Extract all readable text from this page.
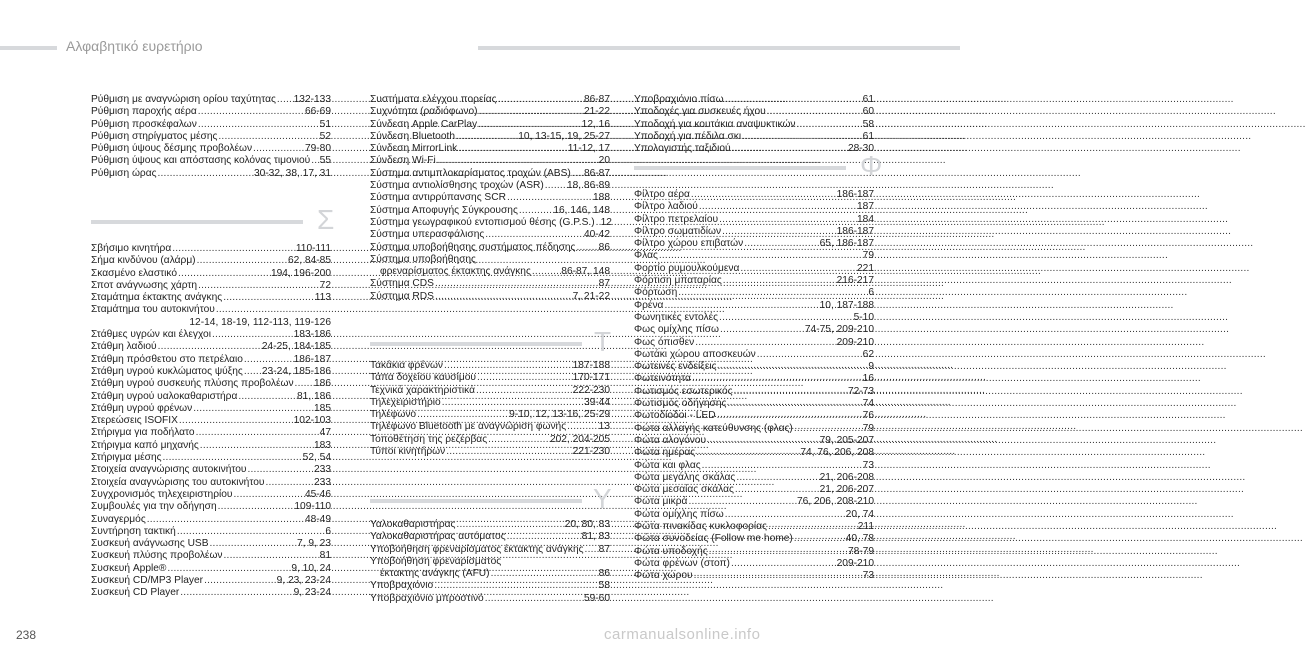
Αλφαβητικό ευρετήριο
Ρύθμιση με αναγνώριση ορίου ταχύτητας ..... 132-133
Ρύθμιση παροχής αέρα .....	66-69
Ρύθμιση προσκέφαλων .....	51
Ρύθμιση στηρίγματος μέσης .....	52
Ρύθμιση ύψους δέσμης προβολέων .....	79-80
Ρύθμιση ύψους και απόστασης κολόνας τιμονιού ..... 55
Ρύθμιση ώρας .....	30-32, 38, 17, 31
Σ
Σβήσιμο κινητήρα .....	110-111
Σήμα κινδύνου (αλάρμ) .....	62, 84-85
Σκασμένο ελαστικό .....	194, 196-200
Σποτ ανάγνωσης χάρτη .....	72
Σταμάτημα έκτακτης ανάγκης .....	113
Σταμάτημα του αυτοκινήτου
.....
12-14, 18-19, 112-113, 119-126
Στάθμες υγρών και έλεγχοι .....	183-186
Στάθμη λαδιού .....	24-25, 184-185
Στάθμη πρόσθετου στο πετρέλαιο .....	186-187
Στάθμη υγρού κυκλώματος ψύξης ..... 23-24, 185-186
Στάθμη υγρού συσκευής πλύσης προβολέων ..... 186
Στάθμη υγρού υαλοκαθαριστήρα .....	81, 186
Στάθμη υγρού φρένων .....	185
Στερεώσεις ISOFIX .....	102-103
Στήριγμα για ποδήλατο .....	47
Στήριγμα καπό μηχανής .....	183
Στήριγμα μέσης .....	52, 54
Στοιχεία αναγνώρισης αυτοκινήτου .....	233
Στοιχεία αναγνώρισης του αυτοκινήτου .....	233
Συγχρονισμός τηλεχειριστηρίου .....	45-46
Συμβουλές για την οδήγηση .....	109-110
Συναγερμός .....	48-49
Συντήρηση τακτική .....	6
Συσκευή ανάγνωσης USB .....	7, 9, 23
Συσκευή πλύσης προβολέων .....	81
Συσκευή Apple® .....	9, 10, 24
Συσκευή CD/MP3 Player .....	9, 23, 23-24
Συσκευή CD Player .....	9, 23-24
Συστήματα ελέγχου πορείας .....	86-87
Συχνότητα (ραδιόφωνο) .....	21-22
Σύνδεση Apple CarPlay .....	12, 16
Σύνδεση Bluetooth .....	10, 13-15, 19, 25-27
Σύνδεση MirrorLink .....	11-12, 17
Σύνδεση Wi-Fi .....	20
Σύστημα αντιμπλοκαρίσματος τροχών (ABS) ..... 86-87
Σύστημα αντιολίσθησης τροχών (ASR) ..... 18, 86-89
Σύστημα αντιρρύπανσης SCR .....	188
Σύστημα Αποφυγής Σύγκρουσης .....	16, 146, 148
Σύστημα γεωγραφικού εντοπισμού θέσης (G.P.S.) ..... 12
Σύστημα υπερασφάλισης .....	40-42
Σύστημα υποβοήθησης συστήματος πέδησης ..... 86
Σύστημα υποβοήθησης
φρεναρίσματος έκτακτης ανάγκης .....	86-87, 148
Σύστημα CDS .....	87
Σύστημα RDS .....	7, 21-22
Τ
Τακάκια φρένων .....	187-188
Τάπα δοχείου καυσίμου .....	170-171
Τεχνικά χαρακτηριστικά .....	222-230
Τηλεχειριστήριο .....	39-44
Τηλέφωνο .....	9-10, 12, 13-16, 25-29
Τηλέφωνο Bluetooth με αναγνώριση φωνής .....	13
Τοποθέτηση της ρεζέρβας .....	202, 204-205
Τύποι κινητήρων .....	221-230
Υ
Υαλοκαθαριστήρας .....	20, 80, 83
Υαλοκαθαριστήρας αυτόματος .....	81, 83
Υποβοήθηση φρεναρίσματος έκτακτης ανάγκης ..... 87
Υποβοήθηση φρεναρίσματος
έκτακτης ανάγκης (AFU) .....	86
Υποβραχιόνιο .....	58
Υποβραχιόνιο μπροστινό .....	59-60
Υποβραχιόνιο πίσω .....	61
Υποδοχές για συσκευές ήχου .....	60
Υποδοχή για κουτάκια αναψυκτικών .....	58
Υποδοχή για πέδιλα σκι .....	61
Υπολογιστής ταξιδιού .....	28-30
Φ
Φίλτρο αέρα .....	186-187
Φίλτρο λαδιού .....	187
Φίλτρο πετρελαίου .....	184
Φίλτρο σωματιδίων .....	186-187
Φίλτρο χώρου επιβατών .....	65, 186-187
Φλας .....	79
Φορτίο ρυμουλκούμενα .....	221
Φόρτιση μπαταρίας .....	216-217
Φόρτωση .....	6
Φρένα .....	10, 187-188
Φωνητικές εντολές .....	5-10
Φως ομίχλης πίσω .....	74-75, 209-210
Φως όπισθεν .....	209-210
Φωτάκι χώρου αποσκευών .....	62
Φωτεινές ενδείξεις .....	9
Φωτεινότητα .....	16
Φωτισμός εσωτερικός .....	72-73
Φωτισμός οδήγησης .....	74
Φωτοδίοδοι - LED .....	76
Φώτα αλλαγής κατεύθυνσης (φλας) .....	79
Φώτα αλογόνου .....	79, 205-207
Φώτα ημέρας .....	74, 76, 206, 208
Φώτα και φλας .....	73
Φώτα μεγάλης σκάλας .....	21, 206-208
Φώτα μεσαίας σκάλας .....	21, 206-207
Φώτα μικρά .....	76, 206, 208-210
Φώτα ομίχλης πίσω .....	20, 74
Φώτα πινακίδας κυκλοφορίας .....	211
Φώτα συνοδείας (Follow me home) .....	40, 78
Φώτα υποδοχής .....	78-79
Φώτα φρένων (στοπ) .....	209-210
Φώτα χώρου .....	73
238	carmanualsonline.info
